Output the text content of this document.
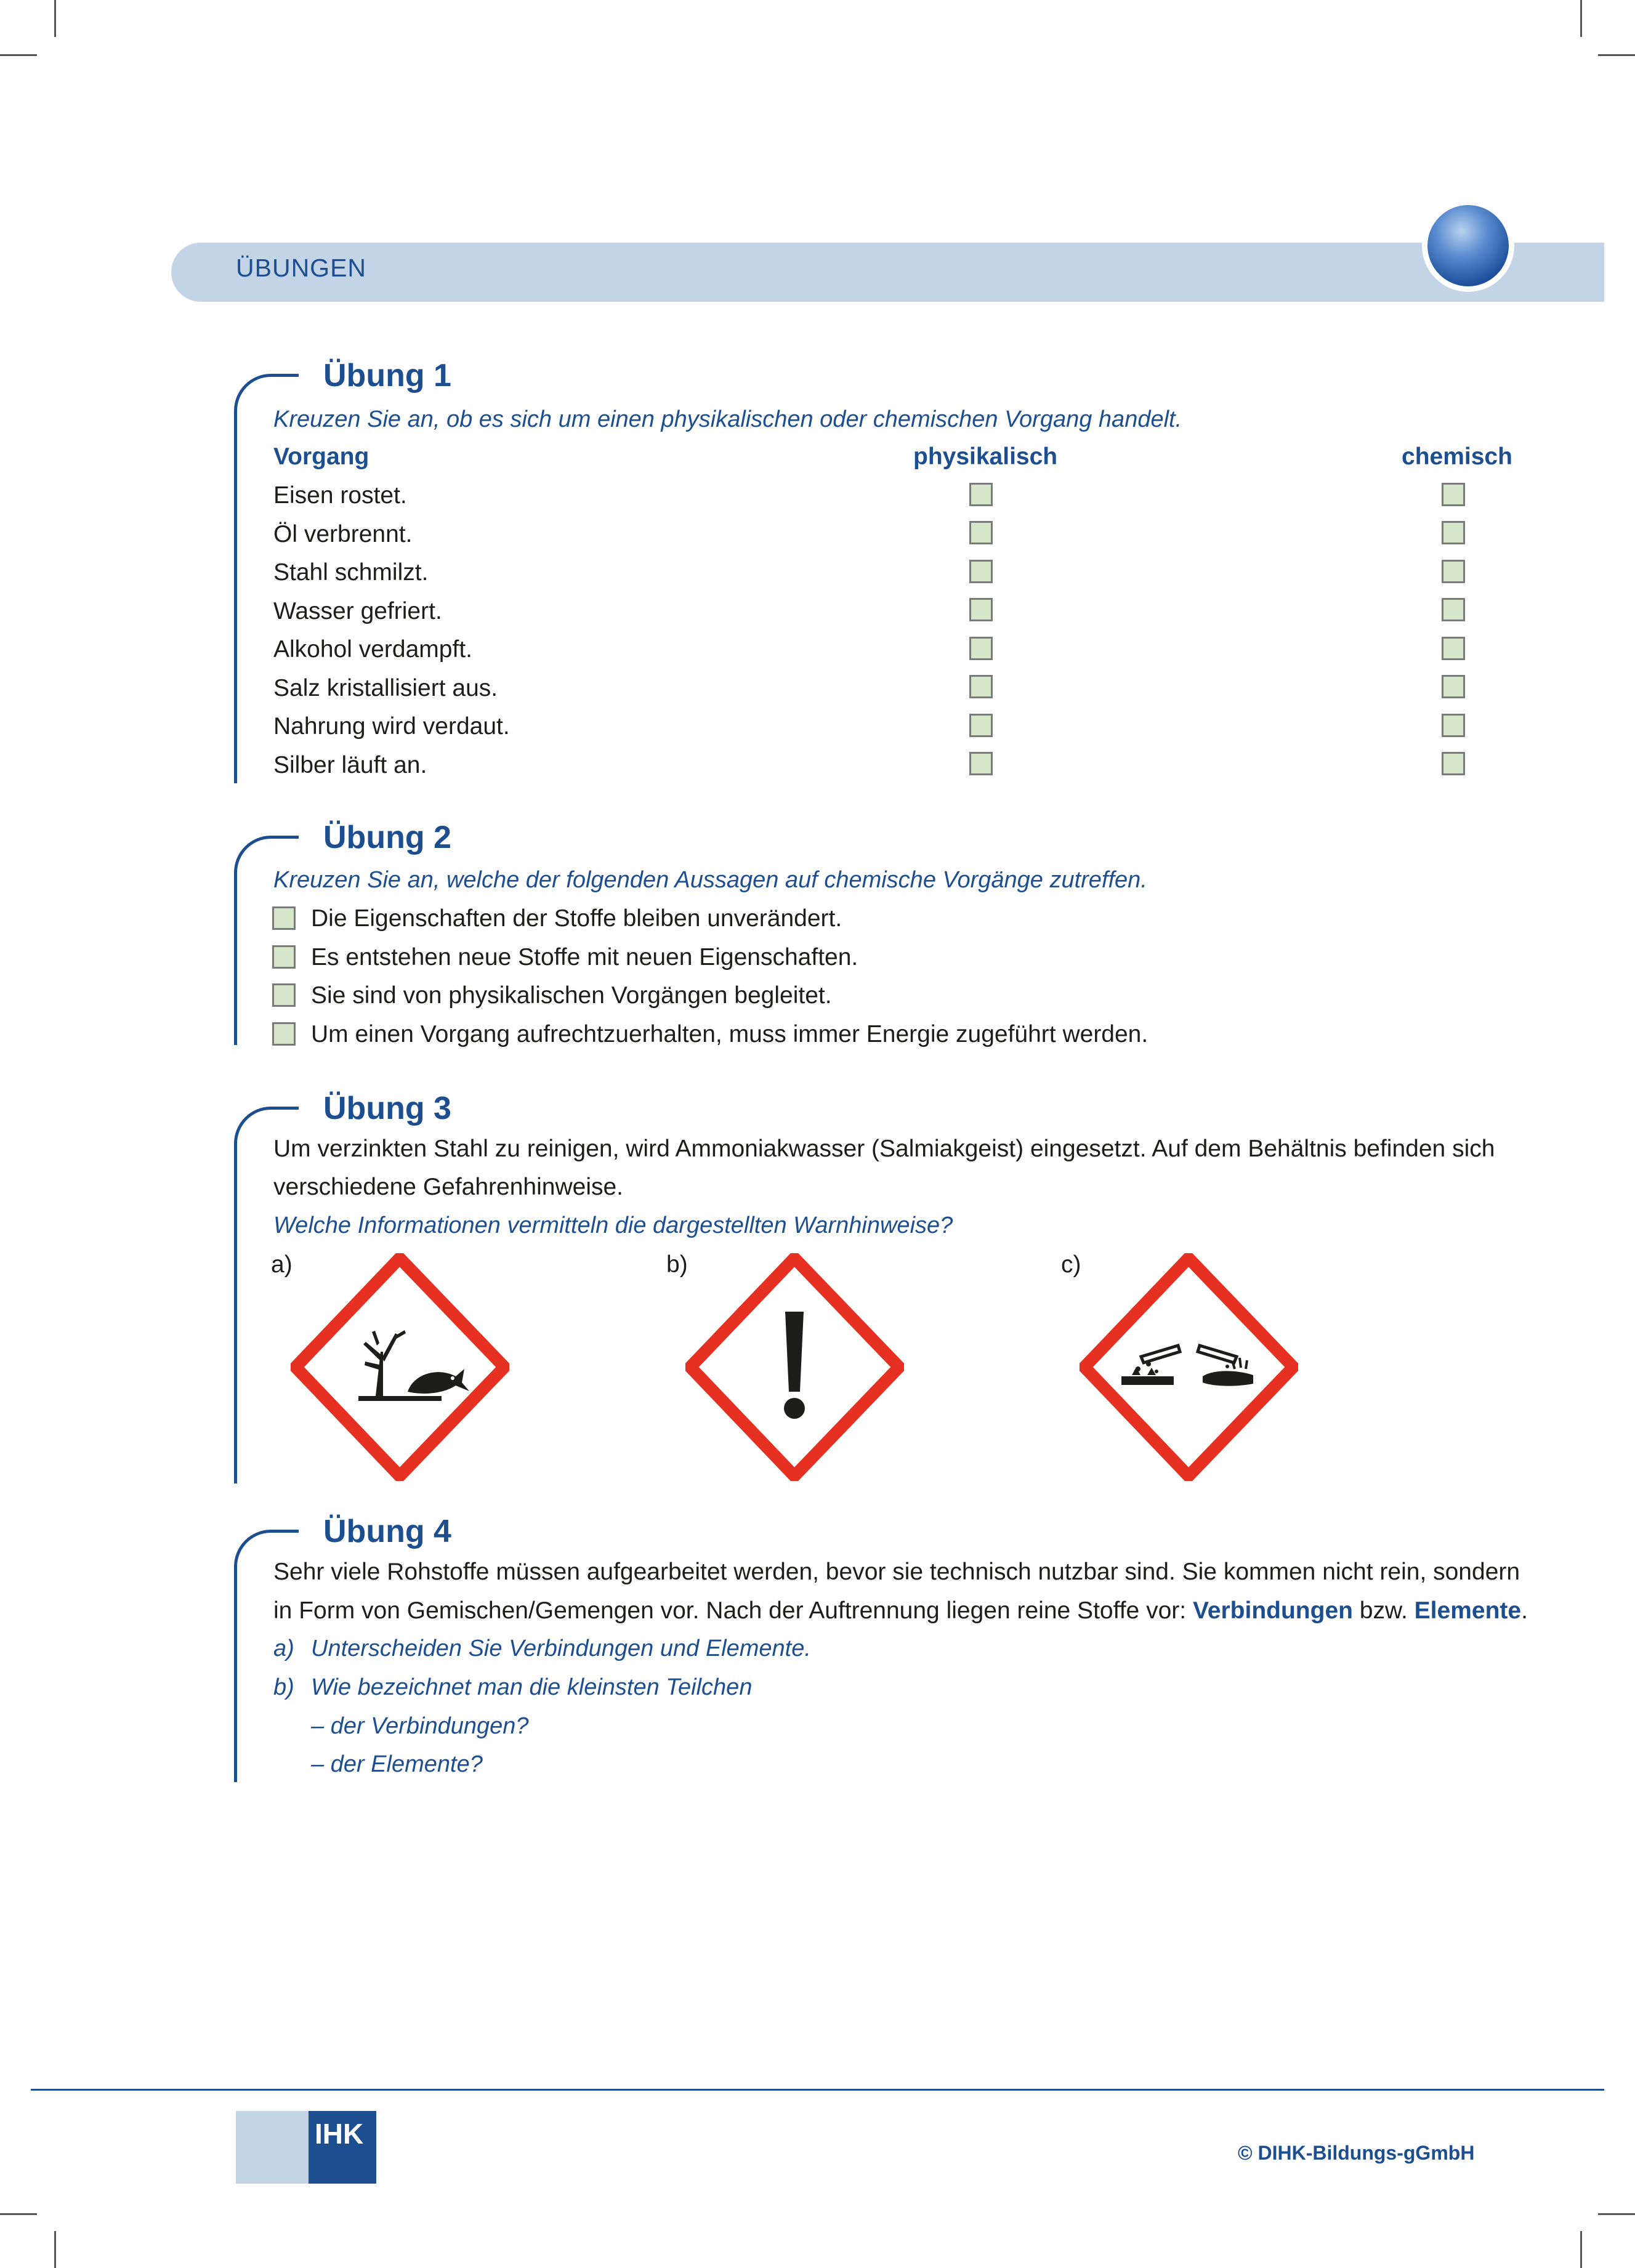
ÜBUNGEN
Übung 1
Kreuzen Sie an, ob es sich um einen physikalischen oder chemischen Vorgang handelt.
Vorgang	physikalisch	chemisch
Eisen rostet.
Öl verbrennt.
Stahl schmilzt.
Wasser gefriert.
Alkohol verdampft.
Salz kristallisiert aus.
Nahrung wird verdaut.
Silber läuft an.
Übung 2
Kreuzen Sie an, welche der folgenden Aussagen auf chemische Vorgänge zutreffen.
Die Eigenschaften der Stoffe bleiben unverändert.
Es entstehen neue Stoffe mit neuen Eigenschaften.
Sie sind von physikalischen Vorgängen begleitet.
Um einen Vorgang aufrechtzuerhalten, muss immer Energie zugeführt werden.
Übung 3
Um verzinkten Stahl zu reinigen, wird Ammoniakwasser (Salmiakgeist) eingesetzt. Auf dem Behältnis befinden sich
verschiedene Gefahrenhinweise.
Welche Informationen vermitteln die dargestellten Warnhinweise?
a)	b)	c)
Übung 4
Sehr viele Rohstoffe müssen aufgearbeitet werden, bevor sie technisch nutzbar sind. Sie kommen nicht rein, sondern
in Form von Gemischen/Gemengen vor. Nach der Auftrennung liegen reine Stoffe vor: Verbindungen bzw. Elemente.
a) Unterscheiden Sie Verbindungen und Elemente.
b) Wie bezeichnet man die kleinsten Teilchen
– der Verbindungen?
– der Elemente?
IHK
© DIHK-Bildungs-gGmbH
